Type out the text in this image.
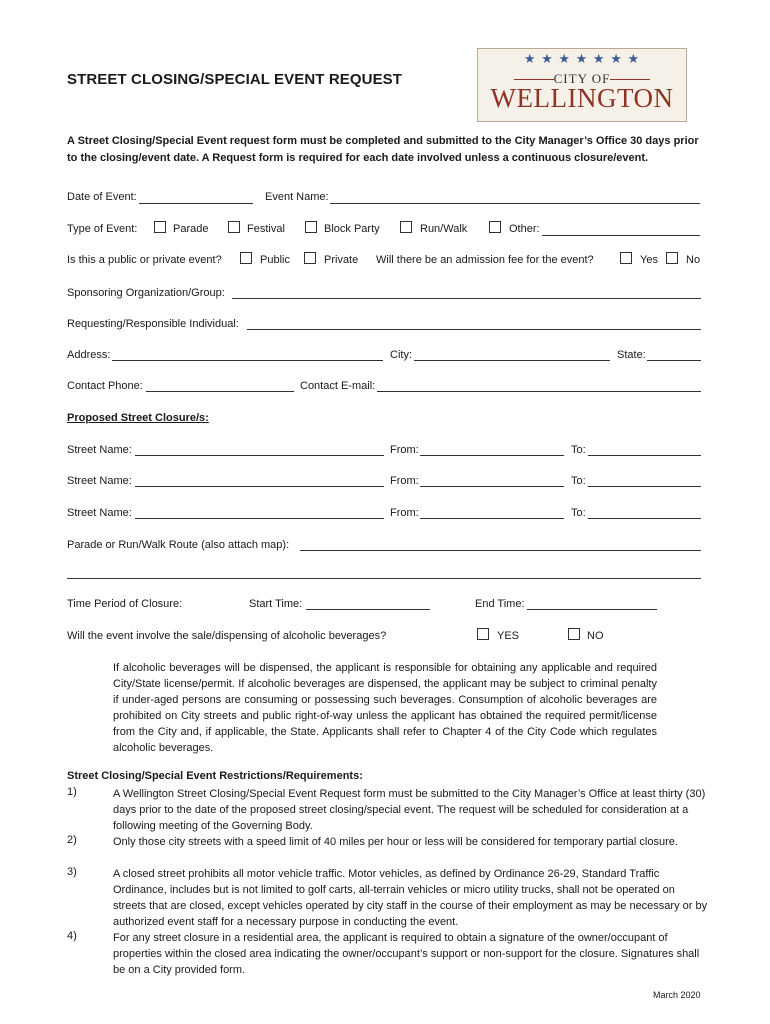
STREET CLOSING/SPECIAL EVENT REQUEST
★ ★ ★ ★ ★ ★ ★
CITY OF
WELLINGTON
A Street Closing/Special Event request form must be completed and submitted to the City Manager’s Office 30 days prior to the closing/event date. A Request form is required for each date involved unless a continuous closure/event.
Date of Event:	Event Name:
Type of Event:	Parade	Festival	Block Party	Run/Walk	Other:
Is this a public or private event?	Public	Private Will there be an admission fee for the event?	Yes	No
Sponsoring Organization/Group:
Requesting/Responsible Individual:
Address:	City:	State:
Contact Phone:	Contact E-mail:
Proposed Street Closure/s:
Street Name:	From:	To:
Street Name:	From:	To:
Street Name:	From:	To:
Parade or Run/Walk Route (also attach map):
Time Period of Closure:	Start Time:	End Time:
Will the event involve the sale/dispensing of alcoholic beverages?	YES	NO
If alcoholic beverages will be dispensed, the applicant is responsible for obtaining any applicable and required City/State license/permit. If alcoholic beverages are dispensed, the applicant may be subject to criminal penalty if under-aged persons are consuming or possessing such beverages. Consumption of alcoholic beverages are prohibited on City streets and public right-of-way unless the applicant has obtained the required permit/license from the City and, if applicable, the State. Applicants shall refer to Chapter 4 of the City Code which regulates alcoholic beverages.
Street Closing/Special Event Restrictions/Requirements:
1)	A Wellington Street Closing/Special Event Request form must be submitted to the City Manager’s Office at least thirty (30) days prior to the date of the proposed street closing/special event. The request will be scheduled for consideration at a following meeting of the Governing Body.
2)	Only those city streets with a speed limit of 40 miles per hour or less will be considered for temporary partial closure.
3)	A closed street prohibits all motor vehicle traffic. Motor vehicles, as defined by Ordinance 26-29, Standard Traffic Ordinance, includes but is not limited to golf carts, all-terrain vehicles or micro utility trucks, shall not be operated on streets that are closed, except vehicles operated by city staff in the course of their employment as may be necessary or by authorized event staff for a necessary purpose in conducting the event.
4)	For any street closure in a residential area, the applicant is required to obtain a signature of the owner/occupant of properties within the closed area indicating the owner/occupant’s support or non-support for the closure. Signatures shall be on a City provided form.
March 2020
